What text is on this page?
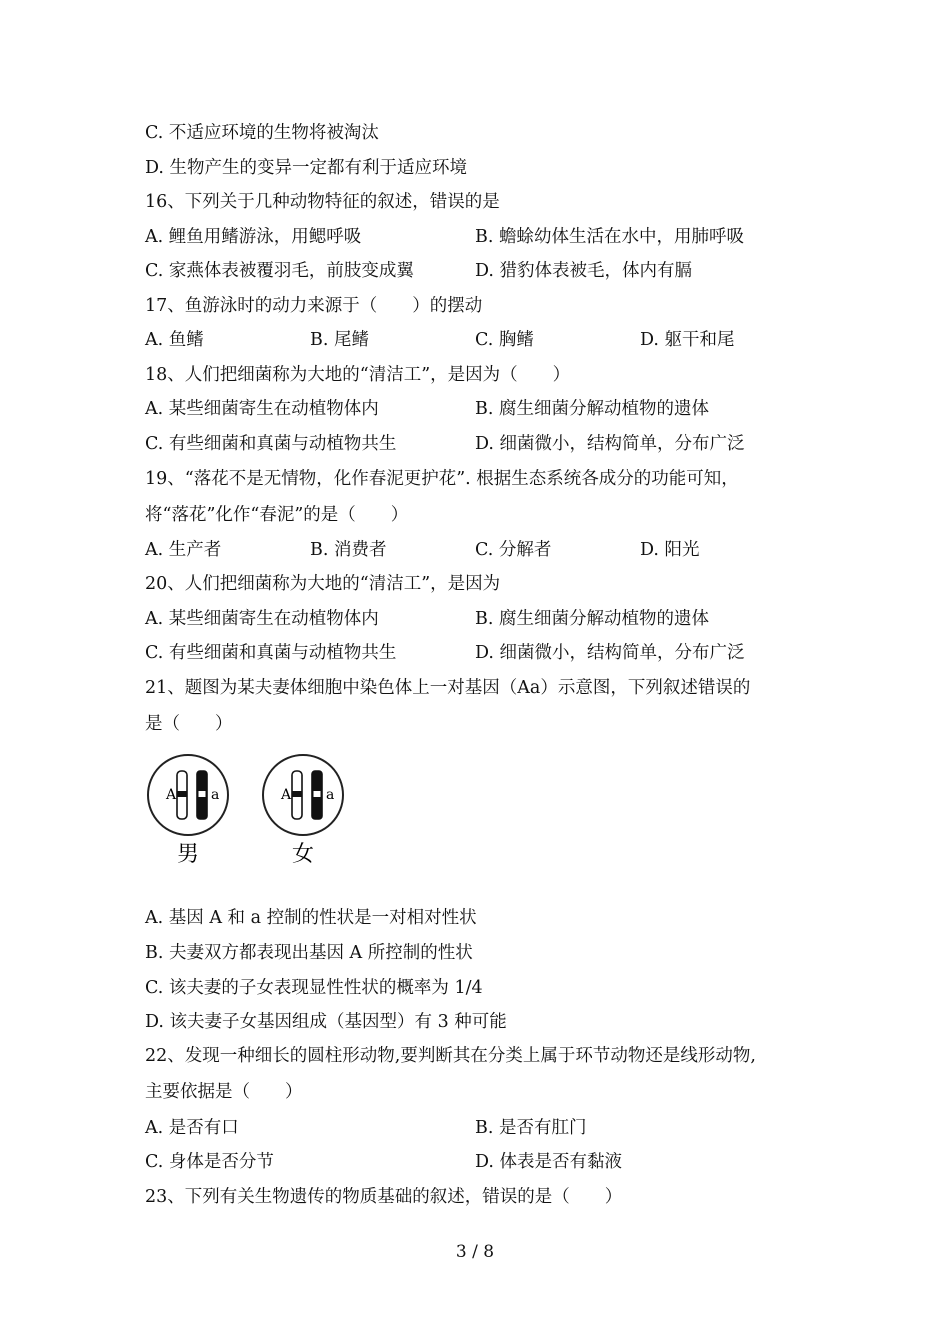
C. 不适应环境的生物将被淘汰
D. 生物产生的变异一定都有利于适应环境
16、下列关于几种动物特征的叙述，错误的是
A. 鲤鱼用鳍游泳，用鳃呼吸	B. 蟾蜍幼体生活在水中，用肺呼吸
C. 家燕体表被覆羽毛，前肢变成翼	D. 猎豹体表被毛，体内有膈
17、鱼游泳时的动力来源于（　　）的摆动
A. 鱼鳍	B. 尾鳍	C. 胸鳍	D. 躯干和尾
18、人们把细菌称为大地的“清洁工”，是因为（　　）
A. 某些细菌寄生在动植物体内	B. 腐生细菌分解动植物的遗体
C. 有些细菌和真菌与动植物共生	D. 细菌微小，结构简单，分布广泛
19、“落花不是无情物，化作春泥更护花”. 根据生态系统各成分的功能可知，
将“落花”化作“春泥”的是（　　）
A. 生产者	B. 消费者	C. 分解者	D. 阳光
20、人们把细菌称为大地的“清洁工”，是因为
A. 某些细菌寄生在动植物体内	B. 腐生细菌分解动植物的遗体
C. 有些细菌和真菌与动植物共生	D. 细菌微小，结构简单，分布广泛
21、题图为某夫妻体细胞中染色体上一对基因（Aa）示意图，下列叙述错误的
是（　　）
A a
男
A a
女
A. 基因 A 和 a 控制的性状是一对相对性状
B. 夫妻双方都表现出基因 A 所控制的性状
C. 该夫妻的子女表现显性性状的概率为 1/4
D. 该夫妻子女基因组成（基因型）有 3 种可能
22、发现一种细长的圆柱形动物,要判断其在分类上属于环节动物还是线形动物,
主要依据是（　　）
A. 是否有口	B. 是否有肛门
C. 身体是否分节	D. 体表是否有黏液
23、下列有关生物遗传的物质基础的叙述，错误的是（　　）
3 / 8
